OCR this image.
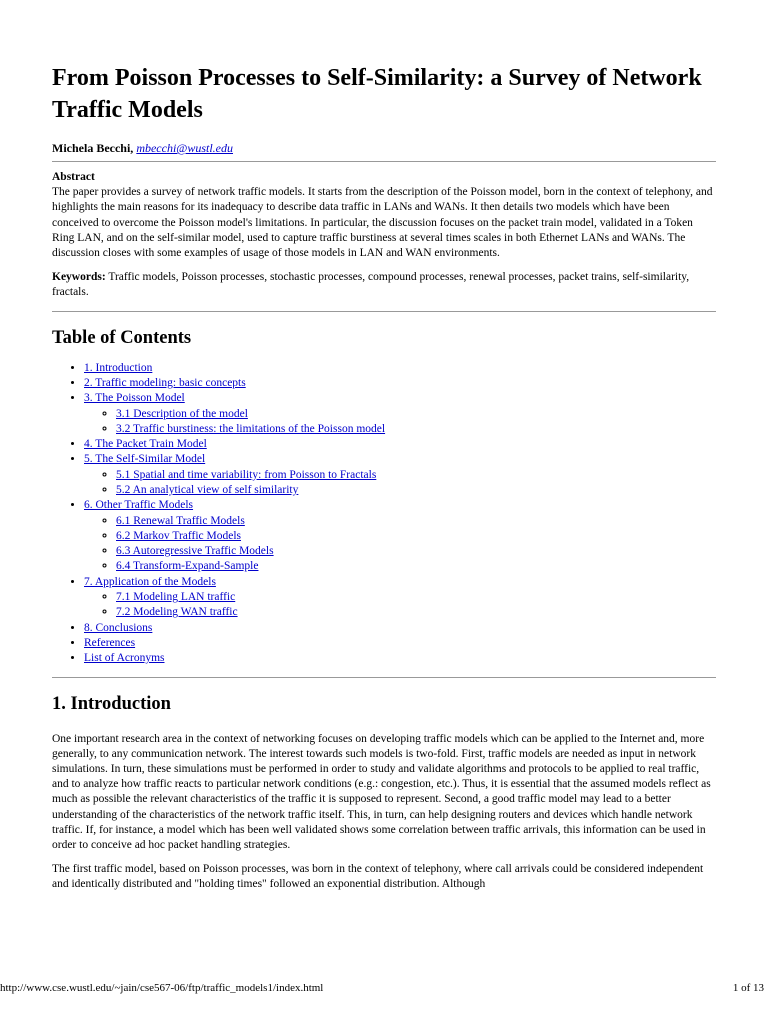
From Poisson Processes to Self-Similarity: a Survey of Network Traffic Models
Michela Becchi, mbecchi@wustl.edu
Abstract
The paper provides a survey of network traffic models. It starts from the description of the Poisson model, born in the context of telephony, and highlights the main reasons for its inadequacy to describe data traffic in LANs and WANs. It then details two models which have been conceived to overcome the Poisson model's limitations. In particular, the discussion focuses on the packet train model, validated in a Token Ring LAN, and on the self-similar model, used to capture traffic burstiness at several times scales in both Ethernet LANs and WANs. The discussion closes with some examples of usage of those models in LAN and WAN environments.
Keywords: Traffic models, Poisson processes, stochastic processes, compound processes, renewal processes, packet trains, self-similarity, fractals.
Table of Contents
• 1. Introduction
• 2. Traffic modeling: basic concepts
• 3. The Poisson Model
◦ 3.1 Description of the model
◦ 3.2 Traffic burstiness: the limitations of the Poisson model
• 4. The Packet Train Model
• 5. The Self-Similar Model
◦ 5.1 Spatial and time variability: from Poisson to Fractals
◦ 5.2 An analytical view of self similarity
• 6. Other Traffic Models
◦ 6.1 Renewal Traffic Models
◦ 6.2 Markov Traffic Models
◦ 6.3 Autoregressive Traffic Models
◦ 6.4 Transform-Expand-Sample
• 7. Application of the Models
◦ 7.1 Modeling LAN traffic
◦ 7.2 Modeling WAN traffic
• 8. Conclusions
• References
• List of Acronyms
1. Introduction

One important research area in the context of networking focuses on developing traffic models which can be applied to the Internet and, more generally, to any communication network. The interest towards such models is two-fold. First, traffic models are needed as input in network simulations. In turn, these simulations must be performed in order to study and validate algorithms and protocols to be applied to real traffic, and to analyze how traffic reacts to particular network conditions (e.g.: congestion, etc.). Thus, it is essential that the assumed models reflect as much as possible the relevant characteristics of the traffic it is supposed to represent. Second, a good traffic model may lead to a better understanding of the characteristics of the network traffic itself. This, in turn, can help designing routers and devices which handle network traffic. If, for instance, a model which has been well validated shows some correlation between traffic arrivals, this information can be used in order to conceive ad hoc packet handling strategies.

The first traffic model, based on Poisson processes, was born in the context of telephony, where call arrivals could be considered independent and identically distributed and "holding times" followed an exponential distribution. Although

http://www.cse.wustl.edu/~jain/cse567-06/ftp/traffic_models1/index.html	1 of 13
